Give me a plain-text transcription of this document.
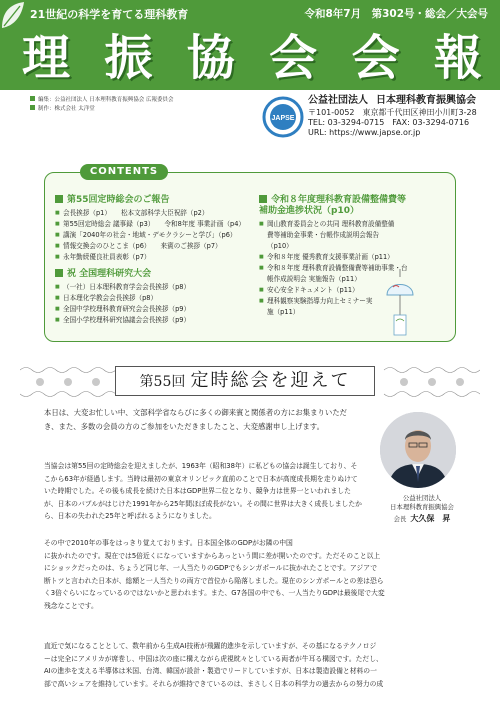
21世紀の科学を育てる理科教育	令和8年7月　第302号・総会／大会号
理 振 協 会 会 報
編集：公益社団法人 日本理科教育振興協会 広報委員会
制作：株式会社 太洋堂
JAPSE
公益社団法人 日本理科教育振興協会
〒101-0052　東京都千代田区神田小川町3-28
TEL: 03-3294-0715　FAX: 03-3294-0716
URL: https://www.japse.or.jp
第55回定時総会のご報告
■ 会長挨拶（p1） 松本文部科学大臣祝辞（p2）
■ 第55回定時総会 議事録（p3） 令和8年度 事業計画（p4）
■ 講演「2040年の社会・地域・デモクラシーと学び」（p6）
■ 情報交換会のひとこま（p6） 来賓のご挨拶（p7）
■ 永年勤続優良社員表彰（p7）
祝 全国理科研究大会
■ （一社）日本理科教育学会会長挨拶（p8）
■ 日本理化学教会会長挨拶（p8）
■ 全国中学校理科教育研究会会長挨拶（p9）
■ 全国小学校理科研究協議会会長挨拶（p9）
令和８年度理科教育設備整備費等補助金進捗状況（p10）
■ 岡山教育委員会との共同 理科教育設備整備費等補助金事業・台帳作成説明会報告（p10）
■ 令和８年度 優秀教育支援事業計画（p11）
■ 令和８年度 理科教育設備整備費等補助事業・台帳作成説明会 実施報告（p11）
■ 安心安全ドキュメント（p11）
■ 理科観察実験指導力向上セミナー実施（p11）
CONTENTS
第55回 定時総会を迎えて
本日は、大変お忙しい中、文部科学省ならびに多くの御来賓と関係者の方にお集まりいただき、また、多数の会員の方のご参加をいただきましたこと、大変感謝申し上げます。
公益社団法人
日本理科教育振興協会
会長 大久保　昇
当協会は第55回の定時総会を迎えましたが、1963年（昭和38年）に私どもの協会は誕生しており、そこから63年が経過します。当時は最初の東京オリンピック直前のことで日本が高度成長期を走りぬけていた時期でした。その後も成長を続けた日本はGDP世界二位となり、競争力は世界一といわれましたが、日本のバブルがはじけた1991年から25年間ほぼ成長がない。その間に世界は大きく成長しましたから、日本の失われた25年と呼ばれるようになりました。
その中で2010年の事をはっきり覚えております。日本国全体のGDPがお隣の中国
に抜かれたのです。現在では5倍近くになっていますからあっという間に差が開いたのです。ただそのこと以上
にショックだったのは、ちょうど同じ年、一人当たりのGDPでもシンガポールに抜かれたことです。アジアで
断トツと言われた日本が、総額と一人当たりの両方で首位から陥落しました。現在のシンガポールとの差は恐ら
く3倍ぐらいになっているのではないかと思われます。また、G7各国の中でも、一人当たりGDPは最後尾で大変
残念なことです。
直近で気になることとして、数年前から生成AI技術が飛躍的進歩を示していますが、その基になるテクノロジ
ーは完全にアメリカが席巻し、中国は次の座に構えながら虎視眈々としている両者が牛耳る構図です。ただし、
AIの進歩を支える半導体は米国、台湾、韓国が設計・製造でリードしていますが、日本は製造設備と材料の一
部で高いシェアを維持しています。それらが維持できているのは、まさしく日本の科学力の過去からの努力の成
